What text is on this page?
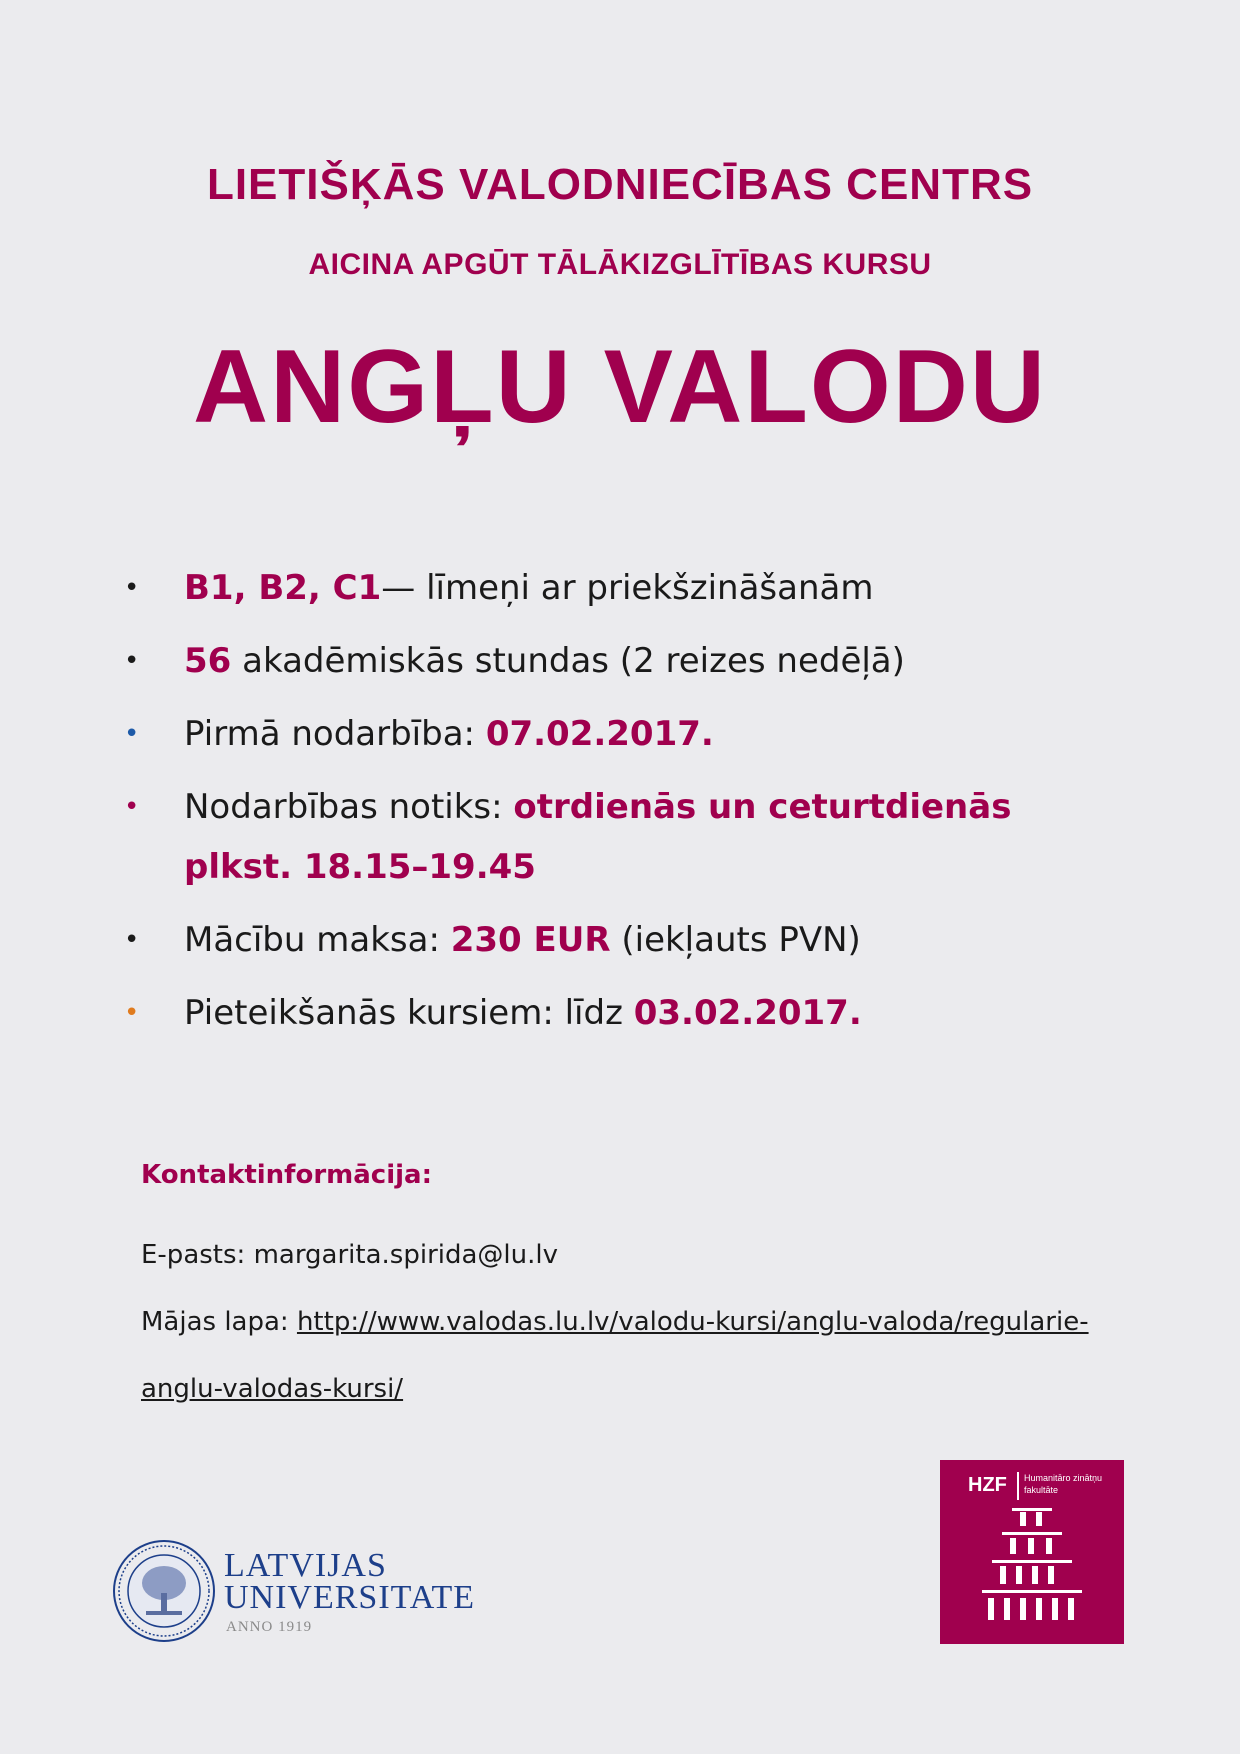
LIETIŠĶĀS VALODNIECĪBAS CENTRS
AICINA APGŪT TĀLĀKIZGLĪTĪBAS KURSU
ANGĻU VALODU
• B1, B2, C1— līmeņi ar priekšzināšanām
• 56 akadēmiskās stundas (2 reizes nedēļā)
• Pirmā nodarbība: 07.02.2017.
• Nodarbības notiks: otrdienās un ceturtdienās plkst. 18.15–19.45
• Mācību maksa: 230 EUR (iekļauts PVN)
• Pieteikšanās kursiem: līdz 03.02.2017.

Kontaktinformācija:

E-pasts: margarita.spirida@lu.lv

Mājas lapa: http://www.valodas.lu.lv/valodu-kursi/anglu-valoda/regularie-
anglu-valodas-kursi/

LATVIJAS
UNIVERSITATE
ANNO 1919
HZF Humanitāro zinātņu fakultāte
